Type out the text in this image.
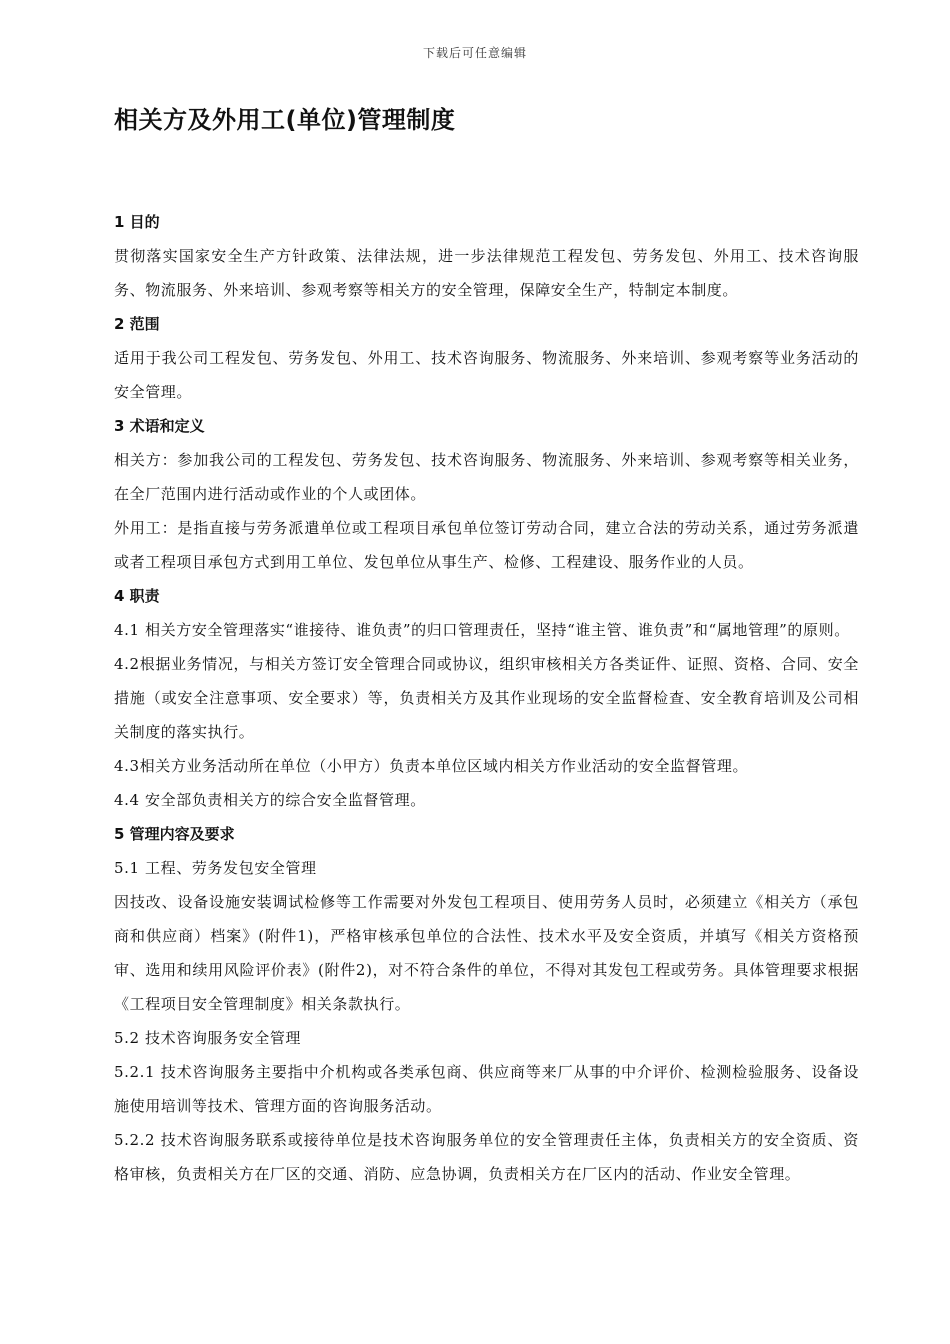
下载后可任意编辑
相关方及外用工(单位)管理制度
1 目的

贯彻落实国家安全生产方针政策、法律法规，进一步法律规范工程发包、劳务发包、外用工、技术咨询服务、物流服务、外来培训、参观考察等相关方的安全管理，保障安全生产，特制定本制度。

2 范围

适用于我公司工程发包、劳务发包、外用工、技术咨询服务、物流服务、外来培训、参观考察等业务活动的安全管理。

3 术语和定义

相关方：参加我公司的工程发包、劳务发包、技术咨询服务、物流服务、外来培训、参观考察等相关业务，在全厂范围内进行活动或作业的个人或团体。

外用工：是指直接与劳务派遣单位或工程项目承包单位签订劳动合同，建立合法的劳动关系，通过劳务派遣或者工程项目承包方式到用工单位、发包单位从事生产、检修、工程建设、服务作业的人员。

4 职责

4.1 相关方安全管理落实“谁接待、谁负责”的归口管理责任，坚持“谁主管、谁负责”和“属地管理”的原则。

4.2根据业务情况，与相关方签订安全管理合同或协议，组织审核相关方各类证件、证照、资格、合同、安全措施（或安全注意事项、安全要求）等，负责相关方及其作业现场的安全监督检查、安全教育培训及公司相关制度的落实执行。

4.3相关方业务活动所在单位（小甲方）负责本单位区域内相关方作业活动的安全监督管理。

4.4 安全部负责相关方的综合安全监督管理。

5 管理内容及要求

5.1 工程、劳务发包安全管理

因技改、设备设施安装调试检修等工作需要对外发包工程项目、使用劳务人员时，必须建立《相关方（承包商和供应商）档案》(附件1)，严格审核承包单位的合法性、技术水平及安全资质，并填写《相关方资格预审、选用和续用风险评价表》(附件2)，对不符合条件的单位，不得对其发包工程或劳务。具体管理要求根据《工程项目安全管理制度》相关条款执行。

5.2 技术咨询服务安全管理

5.2.1 技术咨询服务主要指中介机构或各类承包商、供应商等来厂从事的中介评价、检测检验服务、设备设施使用培训等技术、管理方面的咨询服务活动。

5.2.2 技术咨询服务联系或接待单位是技术咨询服务单位的安全管理责任主体，负责相关方的安全资质、资格审核，负责相关方在厂区的交通、消防、应急协调，负责相关方在厂区内的活动、作业安全管理。
